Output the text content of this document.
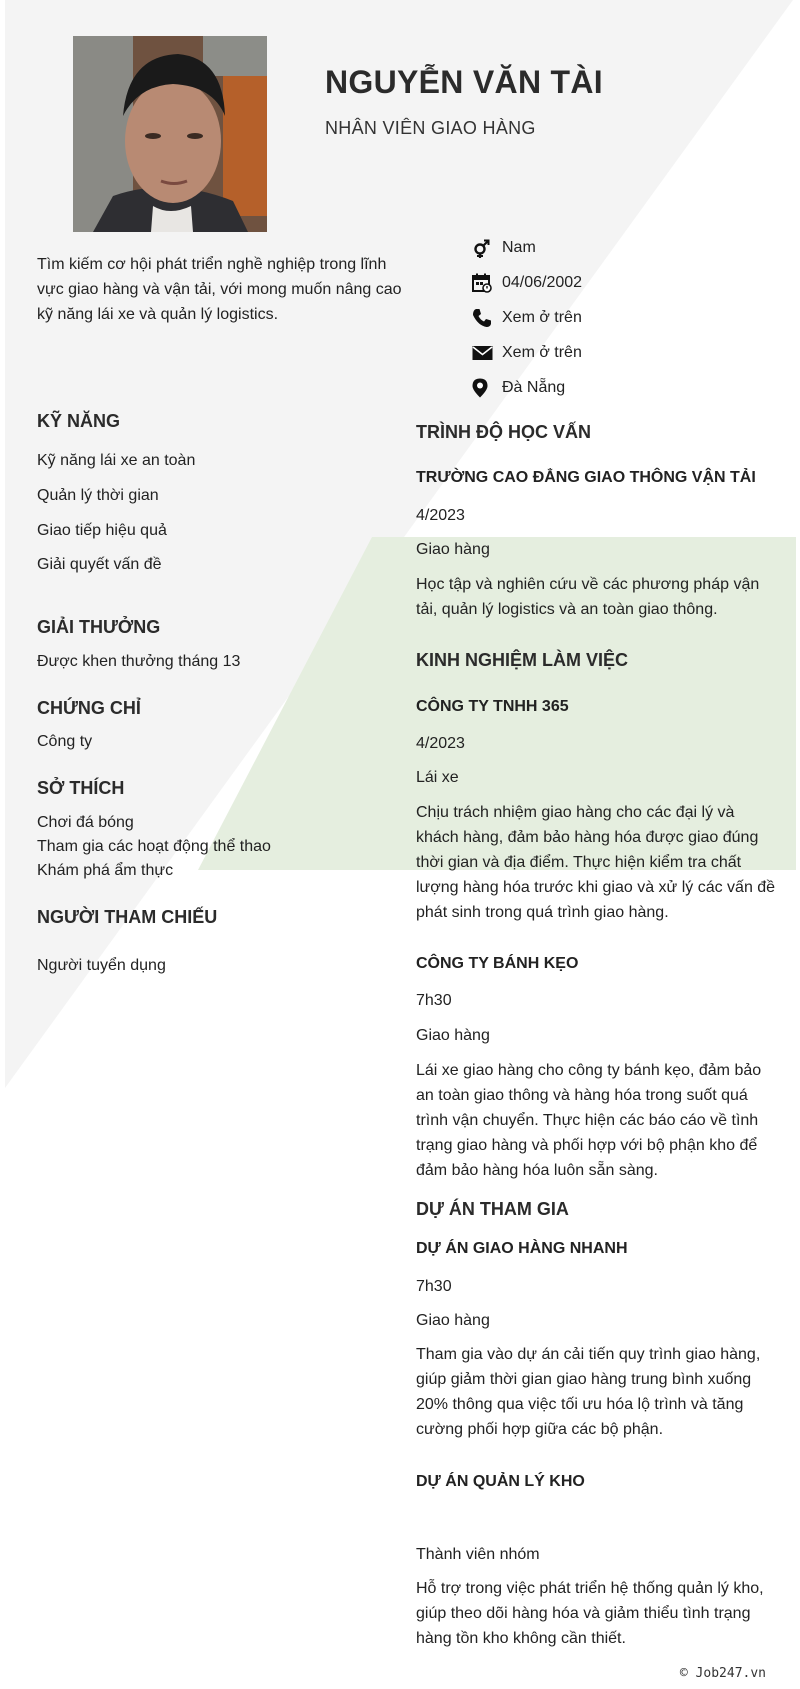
NGUYỄN VĂN TÀI
NHÂN VIÊN GIAO HÀNG
Tìm kiếm cơ hội phát triển nghề nghiệp trong lĩnh vực giao hàng và vận tải, với mong muốn nâng cao kỹ năng lái xe và quản lý logistics.
Nam
04/06/2002
Xem ở trên
Xem ở trên
Đà Nẵng
KỸ NĂNG
Kỹ năng lái xe an toàn
Quản lý thời gian
Giao tiếp hiệu quả
Giải quyết vấn đề
GIẢI THƯỞNG
Được khen thưởng tháng 13
CHỨNG CHỈ
Công ty
SỞ THÍCH
Chơi đá bóng
Tham gia các hoạt động thể thao
Khám phá ẩm thực
NGƯỜI THAM CHIẾU
Người tuyển dụng
TRÌNH ĐỘ HỌC VẤN
TRƯỜNG CAO ĐẲNG GIAO THÔNG VẬN TẢI
4/2023
Giao hàng
Học tập và nghiên cứu về các phương pháp vận tải, quản lý logistics và an toàn giao thông.
KINH NGHIỆM LÀM VIỆC
CÔNG TY TNHH 365
4/2023
Lái xe
Chịu trách nhiệm giao hàng cho các đại lý và khách hàng, đảm bảo hàng hóa được giao đúng thời gian và địa điểm. Thực hiện kiểm tra chất lượng hàng hóa trước khi giao và xử lý các vấn đề phát sinh trong quá trình giao hàng.
CÔNG TY BÁNH KẸO
7h30
Giao hàng
Lái xe giao hàng cho công ty bánh kẹo, đảm bảo an toàn giao thông và hàng hóa trong suốt quá trình vận chuyển. Thực hiện các báo cáo về tình trạng giao hàng và phối hợp với bộ phận kho để đảm bảo hàng hóa luôn sẵn sàng.
DỰ ÁN THAM GIA
DỰ ÁN GIAO HÀNG NHANH
7h30
Giao hàng
Tham gia vào dự án cải tiến quy trình giao hàng, giúp giảm thời gian giao hàng trung bình xuống 20% thông qua việc tối ưu hóa lộ trình và tăng cường phối hợp giữa các bộ phận.
DỰ ÁN QUẢN LÝ KHO
Thành viên nhóm
Hỗ trợ trong việc phát triển hệ thống quản lý kho, giúp theo dõi hàng hóa và giảm thiểu tình trạng hàng tồn kho không cần thiết.
© Job247.vn
